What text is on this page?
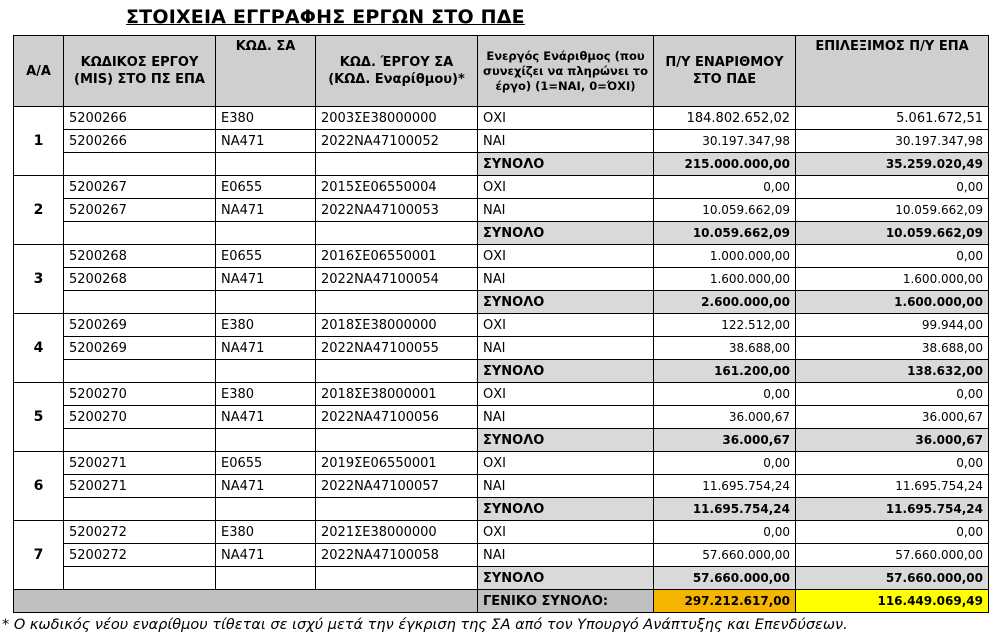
ΣΤΟΙΧΕΙΑ ΕΓΓΡΑΦΗΣ ΕΡΓΩΝ ΣΤΟ ΠΔΕ
Α/Α	ΚΩΔΙΚΟΣ ΕΡΓΟΥ (MIS) ΣΤΟ ΠΣ ΕΠΑ	ΚΩΔ. ΣΑ	ΚΩΔ. ΈΡΓΟΥ ΣΑ (ΚΩΔ. Εναρίθμου)*	Ενεργός Ενάριθμος (που συνεχίζει να πληρώνει το έργο) (1=ΝΑΙ, 0=ΌΧΙ)	Π/Υ ΕΝΑΡΙΘΜΟΥ ΣΤΟ ΠΔΕ	ΕΠΙΛΕΞΙΜΟΣ Π/Υ ΕΠΑ
1	5200266	Ε380	2003ΣΕ38000000	ΟΧΙ	184.802.652,02	5.061.672,51
	5200266	ΝΑ471	2022ΝΑ47100052	ΝΑΙ	30.197.347,98	30.197.347,98
				ΣΥΝΟΛΟ	215.000.000,00	35.259.020,49
2	5200267	Ε0655	2015ΣΕ06550004	ΟΧΙ	0,00	0,00
	5200267	ΝΑ471	2022ΝΑ47100053	ΝΑΙ	10.059.662,09	10.059.662,09
				ΣΥΝΟΛΟ	10.059.662,09	10.059.662,09
3	5200268	Ε0655	2016ΣΕ06550001	ΟΧΙ	1.000.000,00	0,00
	5200268	ΝΑ471	2022ΝΑ47100054	ΝΑΙ	1.600.000,00	1.600.000,00
				ΣΥΝΟΛΟ	2.600.000,00	1.600.000,00
4	5200269	Ε380	2018ΣΕ38000000	ΟΧΙ	122.512,00	99.944,00
	5200269	ΝΑ471	2022ΝΑ47100055	ΝΑΙ	38.688,00	38.688,00
				ΣΥΝΟΛΟ	161.200,00	138.632,00
5	5200270	Ε380	2018ΣΕ38000001	ΟΧΙ	0,00	0,00
	5200270	ΝΑ471	2022ΝΑ47100056	ΝΑΙ	36.000,67	36.000,67
				ΣΥΝΟΛΟ	36.000,67	36.000,67
6	5200271	Ε0655	2019ΣΕ06550001	ΟΧΙ	0,00	0,00
	5200271	ΝΑ471	2022ΝΑ47100057	ΝΑΙ	11.695.754,24	11.695.754,24
				ΣΥΝΟΛΟ	11.695.754,24	11.695.754,24
7	5200272	Ε380	2021ΣΕ38000000	ΟΧΙ	0,00	0,00
	5200272	ΝΑ471	2022ΝΑ47100058	ΝΑΙ	57.660.000,00	57.660.000,00
				ΣΥΝΟΛΟ	57.660.000,00	57.660.000,00
				ΓΕΝΙΚΟ ΣΥΝΟΛΟ:	297.212.617,00	116.449.069,49
* Ο κωδικός νέου εναρίθμου τίθεται σε ισχύ μετά την έγκριση της ΣΑ από τον Υπουργό Ανάπτυξης και Επενδύσεων.
